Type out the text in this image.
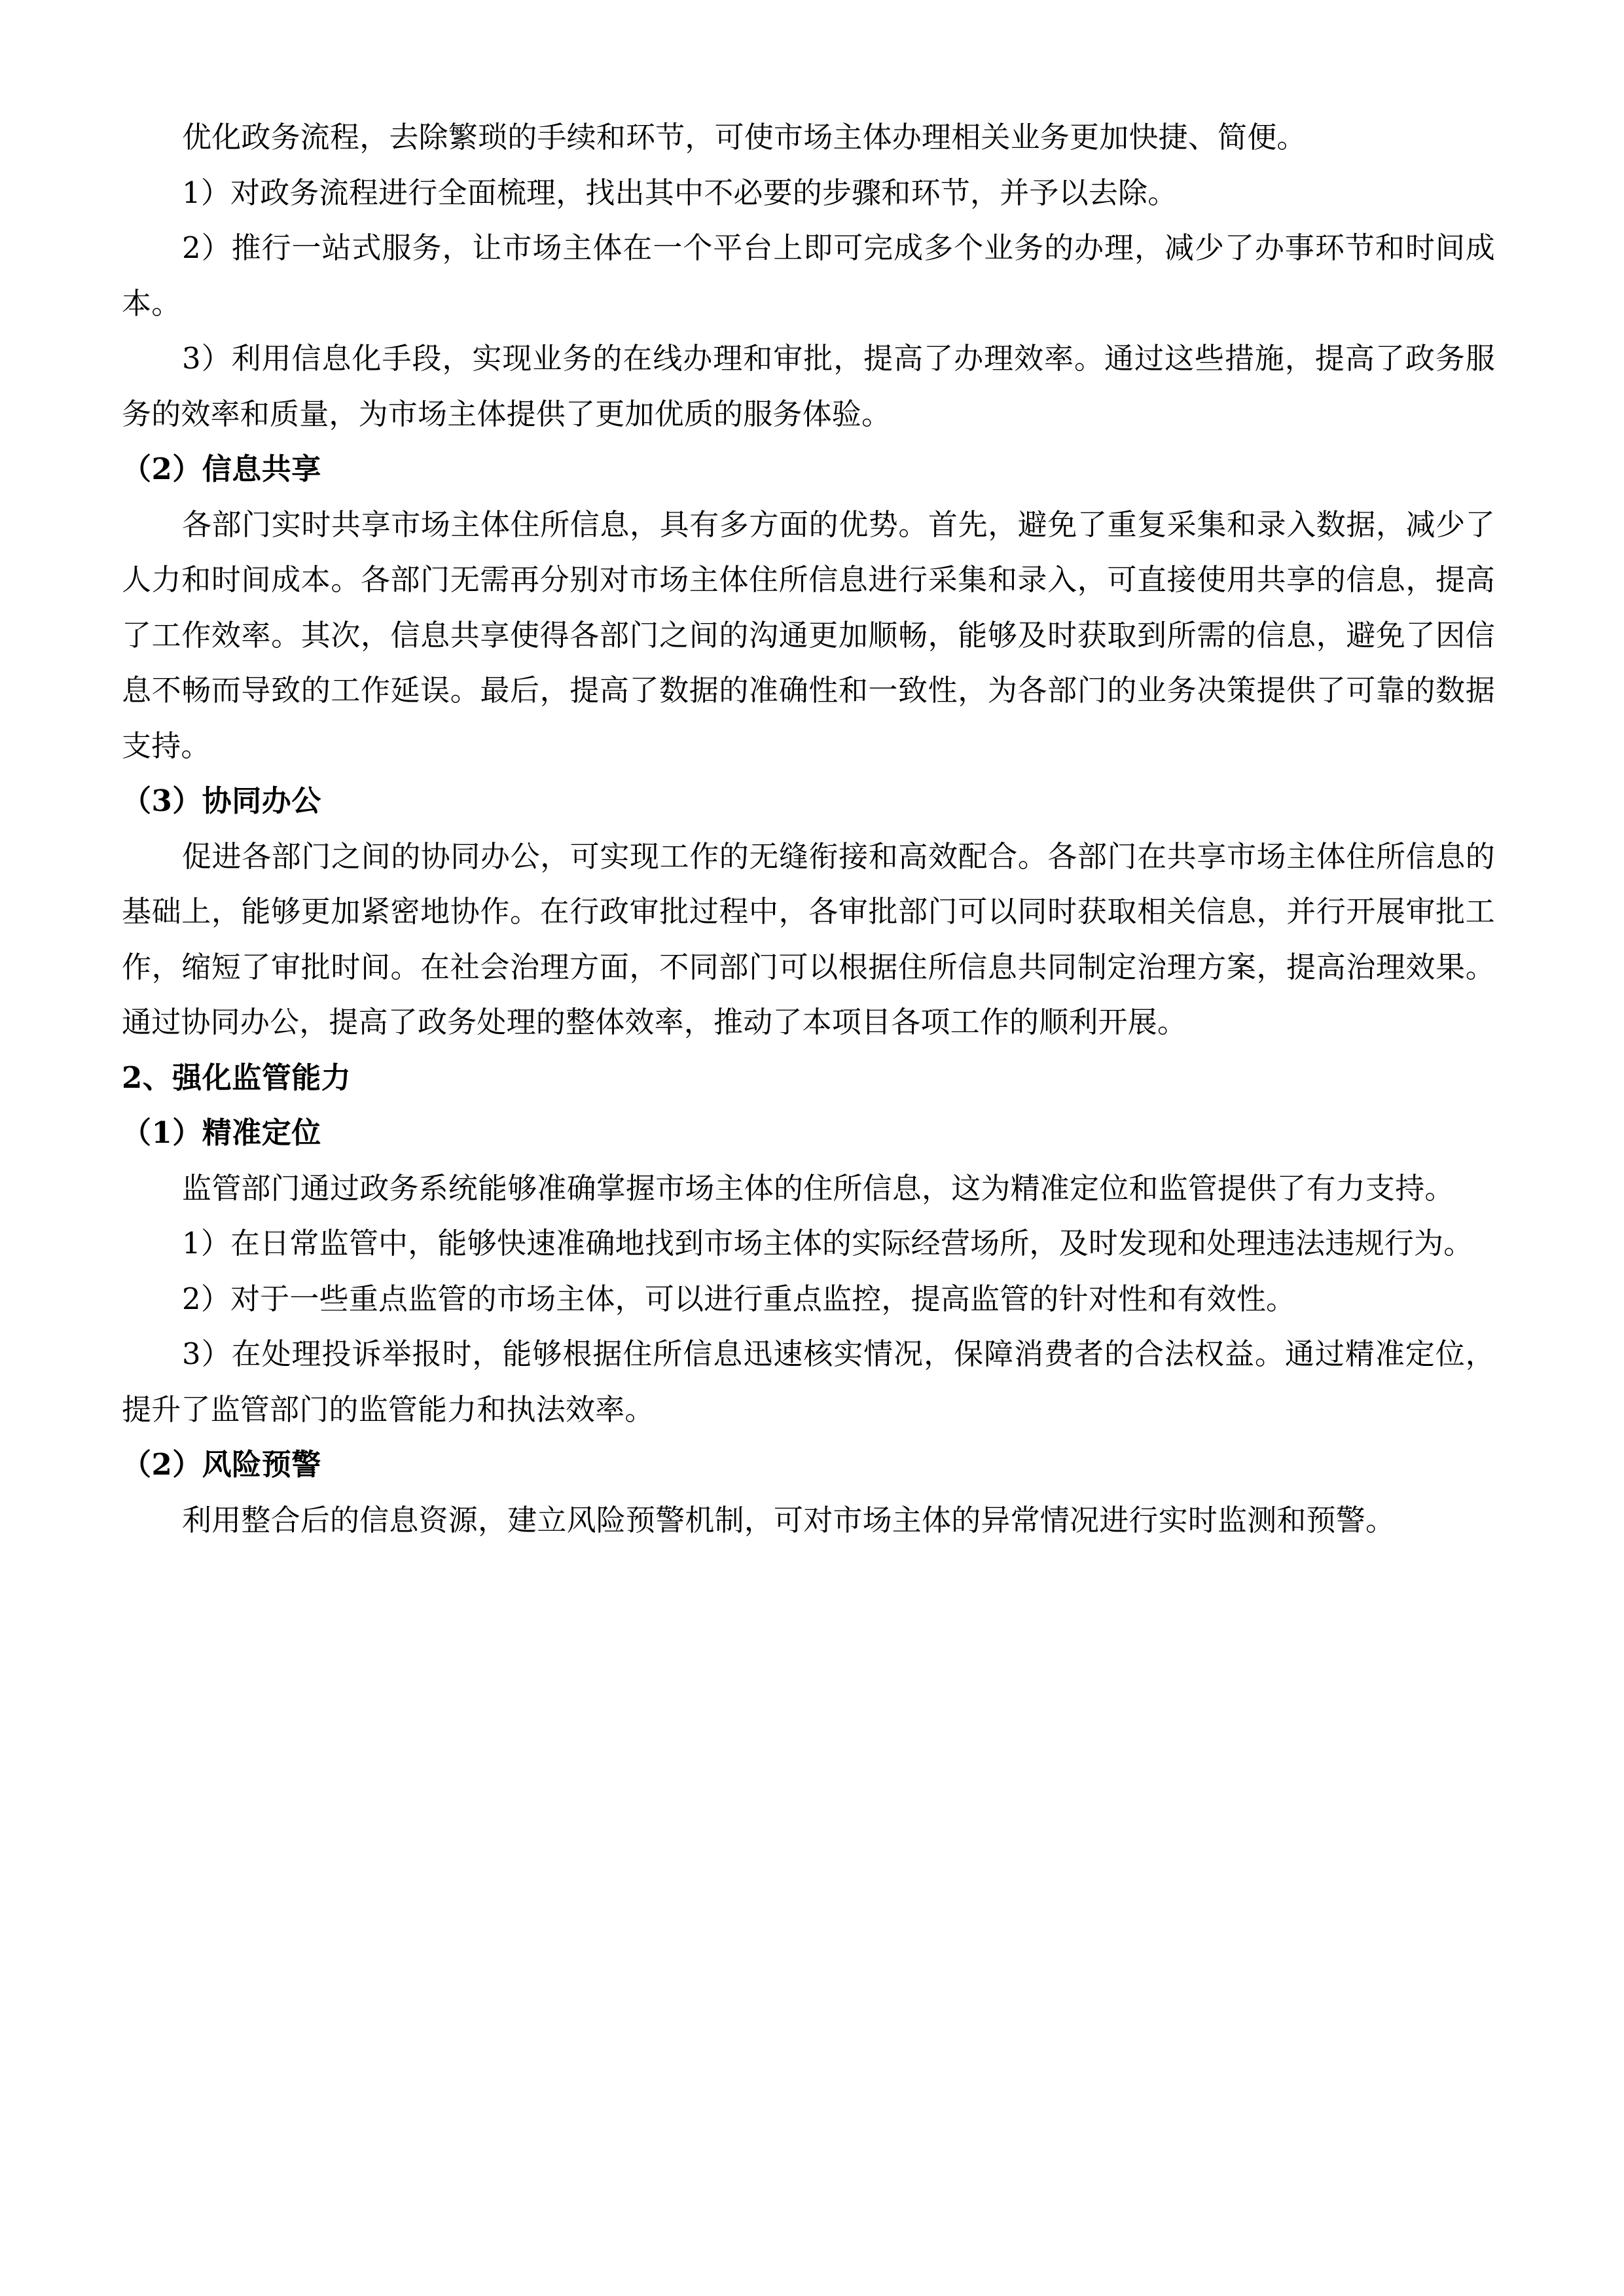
优化政务流程，去除繁琐的手续和环节，可使市场主体办理相关业务更加快捷、简便。

1）对政务流程进行全面梳理，找出其中不必要的步骤和环节，并予以去除。

2）推行一站式服务，让市场主体在一个平台上即可完成多个业务的办理，减少了办事环节和时间成本。

3）利用信息化手段，实现业务的在线办理和审批，提高了办理效率。通过这些措施，提高了政务服务的效率和质量，为市场主体提供了更加优质的服务体验。

（2）信息共享

各部门实时共享市场主体住所信息，具有多方面的优势。首先，避免了重复采集和录入数据，减少了人力和时间成本。各部门无需再分别对市场主体住所信息进行采集和录入，可直接使用共享的信息，提高了工作效率。其次，信息共享使得各部门之间的沟通更加顺畅，能够及时获取到所需的信息，避免了因信息不畅而导致的工作延误。最后，提高了数据的准确性和一致性，为各部门的业务决策提供了可靠的数据支持。

（3）协同办公

促进各部门之间的协同办公，可实现工作的无缝衔接和高效配合。各部门在共享市场主体住所信息的基础上，能够更加紧密地协作。在行政审批过程中，各审批部门可以同时获取相关信息，并行开展审批工作，缩短了审批时间。在社会治理方面，不同部门可以根据住所信息共同制定治理方案，提高治理效果。通过协同办公，提高了政务处理的整体效率，推动了本项目各项工作的顺利开展。

2、强化监管能力

（1）精准定位

监管部门通过政务系统能够准确掌握市场主体的住所信息，这为精准定位和监管提供了有力支持。

1）在日常监管中，能够快速准确地找到市场主体的实际经营场所，及时发现和处理违法违规行为。

2）对于一些重点监管的市场主体，可以进行重点监控，提高监管的针对性和有效性。

3）在处理投诉举报时，能够根据住所信息迅速核实情况，保障消费者的合法权益。通过精准定位，提升了监管部门的监管能力和执法效率。

（2）风险预警

利用整合后的信息资源，建立风险预警机制，可对市场主体的异常情况进行实时监测和预警。
